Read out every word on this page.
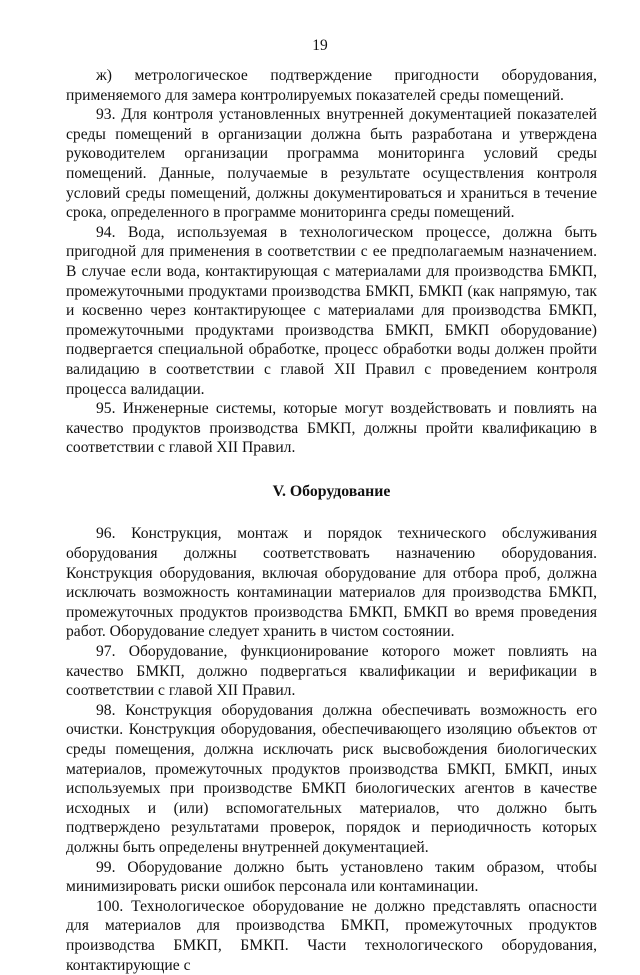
19

ж) метрологическое подтверждение пригодности оборудования, применяемого для замера контролируемых показателей среды помещений.

93. Для контроля установленных внутренней документацией показателей среды помещений в организации должна быть разработана и утверждена руководителем организации программа мониторинга условий среды помещений. Данные, получаемые в результате осуществления контроля условий среды помещений, должны документироваться и храниться в течение срока, определенного в программе мониторинга среды помещений.

94. Вода, используемая в технологическом процессе, должна быть пригодной для применения в соответствии с ее предполагаемым назначением. В случае если вода, контактирующая с материалами для производства БМКП, промежуточными продуктами производства БМКП, БМКП (как напрямую, так и косвенно через контактирующее с материалами для производства БМКП, промежуточными продуктами производства БМКП, БМКП оборудование) подвергается специальной обработке, процесс обработки воды должен пройти валидацию в соответствии с главой XII Правил с проведением контроля процесса валидации.

95. Инженерные системы, которые могут воздействовать и повлиять на качество продуктов производства БМКП, должны пройти квалификацию в соответствии с главой XII Правил.

V. Оборудование

96. Конструкция, монтаж и порядок технического обслуживания оборудования должны соответствовать назначению оборудования. Конструкция оборудования, включая оборудование для отбора проб, должна исключать возможность контаминации материалов для производства БМКП, промежуточных продуктов производства БМКП, БМКП во время проведения работ. Оборудование следует хранить в чистом состоянии.

97. Оборудование, функционирование которого может повлиять на качество БМКП, должно подвергаться квалификации и верификации в соответствии с главой XII Правил.

98. Конструкция оборудования должна обеспечивать возможность его очистки. Конструкция оборудования, обеспечивающего изоляцию объектов от среды помещения, должна исключать риск высвобождения биологических материалов, промежуточных продуктов производства БМКП, БМКП, иных используемых при производстве БМКП биологических агентов в качестве исходных и (или) вспомогательных материалов, что должно быть подтверждено результатами проверок, порядок и периодичность которых должны быть определены внутренней документацией.

99. Оборудование должно быть установлено таким образом, чтобы минимизировать риски ошибок персонала или контаминации.

100. Технологическое оборудование не должно представлять опасности для материалов для производства БМКП, промежуточных продуктов производства БМКП, БМКП. Части технологического оборудования, контактирующие с
